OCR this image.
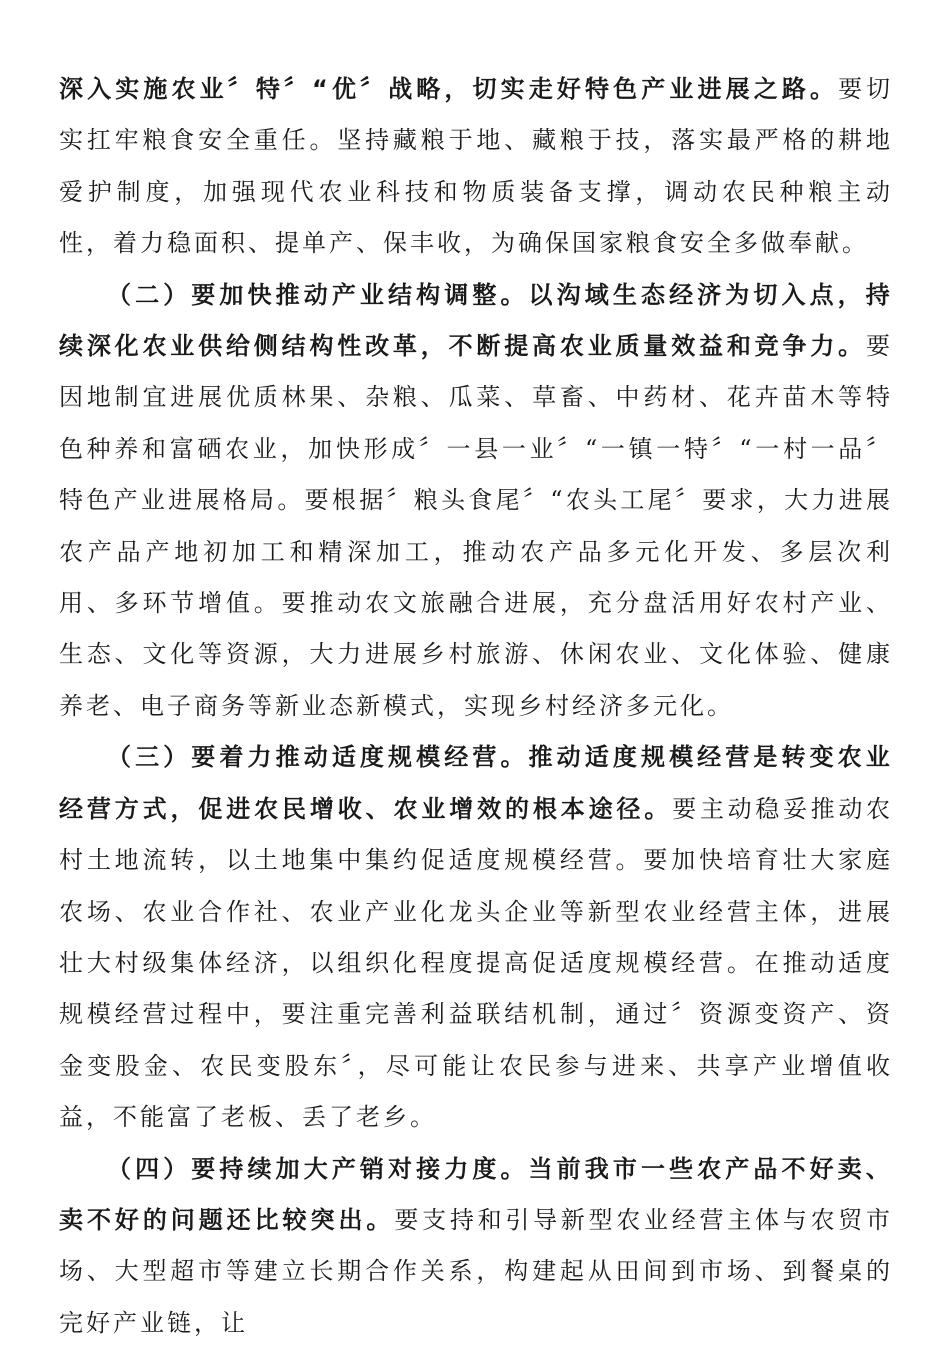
深入实施农业〞特〞“优〞战略，切实走好特色产业进展之路。要切实扛牢粮食安全重任。坚持藏粮于地、藏粮于技，落实最严格的耕地爱护制度，加强现代农业科技和物质装备支撑，调动农民种粮主动性，着力稳面积、提单产、保丰收，为确保国家粮食安全多做奉献。

（二）要加快推动产业结构调整。以沟域生态经济为切入点，持续深化农业供给侧结构性改革，不断提高农业质量效益和竞争力。要因地制宜进展优质林果、杂粮、瓜菜、草畜、中药材、花卉苗木等特色种养和富硒农业，加快形成〞一县一业〞“一镇一特〞“一村一品〞特色产业进展格局。要根据〞粮头食尾〞“农头工尾〞要求，大力进展农产品产地初加工和精深加工，推动农产品多元化开发、多层次利用、多环节增值。要推动农文旅融合进展，充分盘活用好农村产业、生态、文化等资源，大力进展乡村旅游、休闲农业、文化体验、健康养老、电子商务等新业态新模式，实现乡村经济多元化。

（三）要着力推动适度规模经营。推动适度规模经营是转变农业经营方式，促进农民增收、农业增效的根本途径。要主动稳妥推动农村土地流转，以土地集中集约促适度规模经营。要加快培育壮大家庭农场、农业合作社、农业产业化龙头企业等新型农业经营主体，进展壮大村级集体经济，以组织化程度提高促适度规模经营。在推动适度规模经营过程中，要注重完善利益联结机制，通过〞资源变资产、资金变股金、农民变股东〞，尽可能让农民参与进来、共享产业增值收益，不能富了老板、丢了老乡。

（四）要持续加大产销对接力度。当前我市一些农产品不好卖、卖不好的问题还比较突出。要支持和引导新型农业经营主体与农贸市场、大型超市等建立长期合作关系，构建起从田间到市场、到餐桌的完好产业链，让
